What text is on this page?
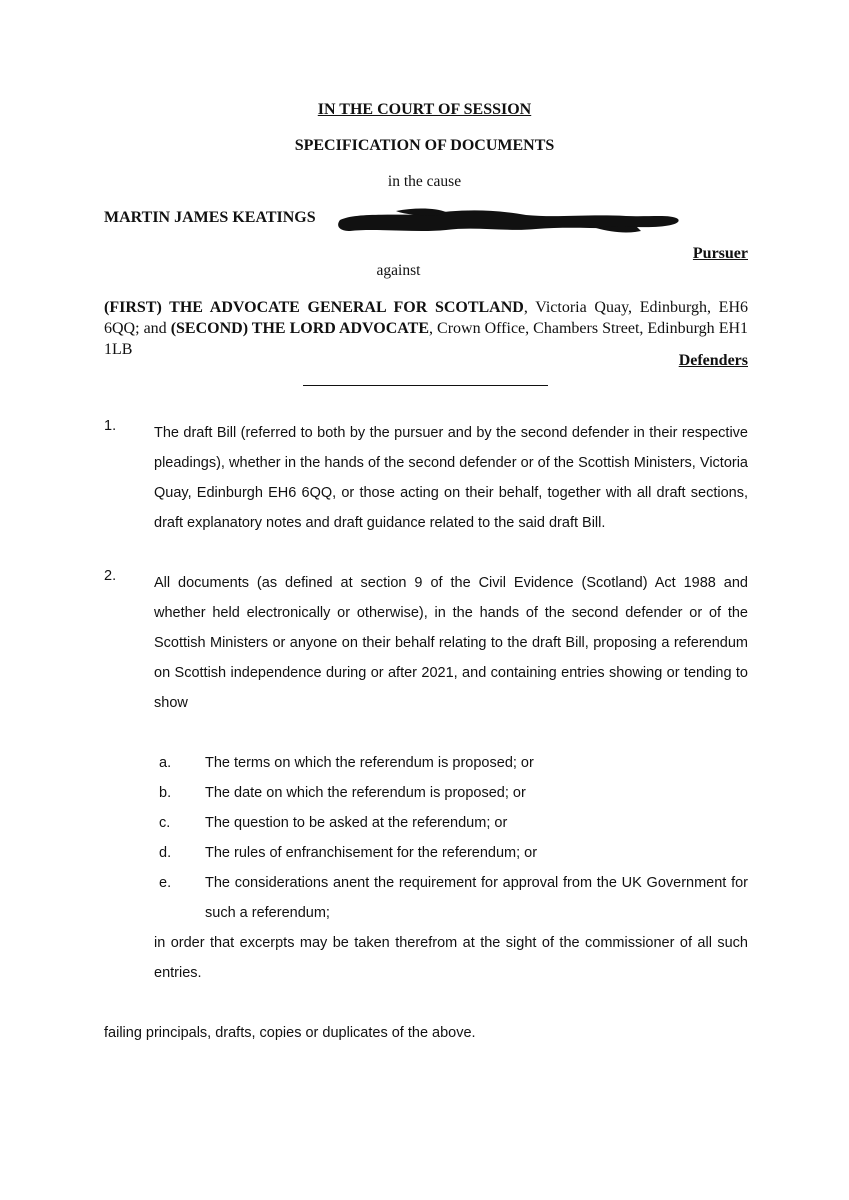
IN THE COURT OF SESSION
SPECIFICATION OF DOCUMENTS
in the cause
MARTIN JAMES KEATINGS
Pursuer
against
(FIRST) THE ADVOCATE GENERAL FOR SCOTLAND, Victoria Quay, Edinburgh, EH6 6QQ; and (SECOND) THE LORD ADVOCATE, Crown Office, Chambers Street, Edinburgh EH1 1LB
Defenders
1.	The draft Bill (referred to both by the pursuer and by the second defender in their respective pleadings), whether in the hands of the second defender or of the Scottish Ministers, Victoria Quay, Edinburgh EH6 6QQ, or those acting on their behalf, together with all draft sections, draft explanatory notes and draft guidance related to the said draft Bill.
2.	All documents (as defined at section 9 of the Civil Evidence (Scotland) Act 1988 and whether held electronically or otherwise), in the hands of the second defender or of the Scottish Ministers or anyone on their behalf relating to the draft Bill, proposing a referendum on Scottish independence during or after 2021, and containing entries showing or tending to show
a. The terms on which the referendum is proposed; or
b. The date on which the referendum is proposed; or
c. The question to be asked at the referendum; or
d. The rules of enfranchisement for the referendum; or
e. The considerations anent the requirement for approval from the UK Government for such a referendum;
in order that excerpts may be taken therefrom at the sight of the commissioner of all such entries.
failing principals, drafts, copies or duplicates of the above.
